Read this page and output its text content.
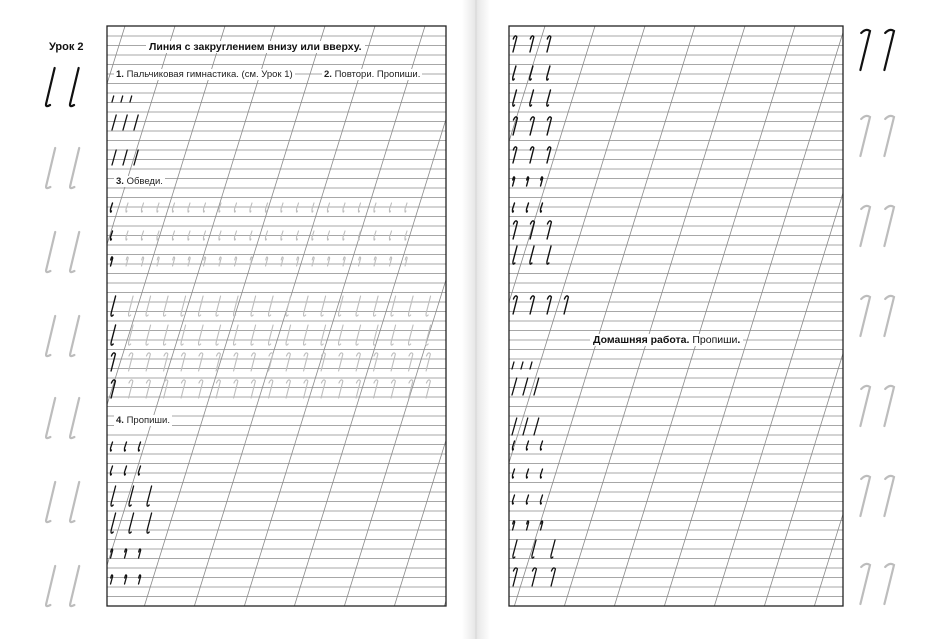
Урок 2	Линия с закруглением внизу или вверху.
1. Пальчиковая гимнастика. (см. Урок 1)	2. Повтори. Пропиши.
3. Обведи.
4. Пропиши.
Домашняя работа. Пропиши.
